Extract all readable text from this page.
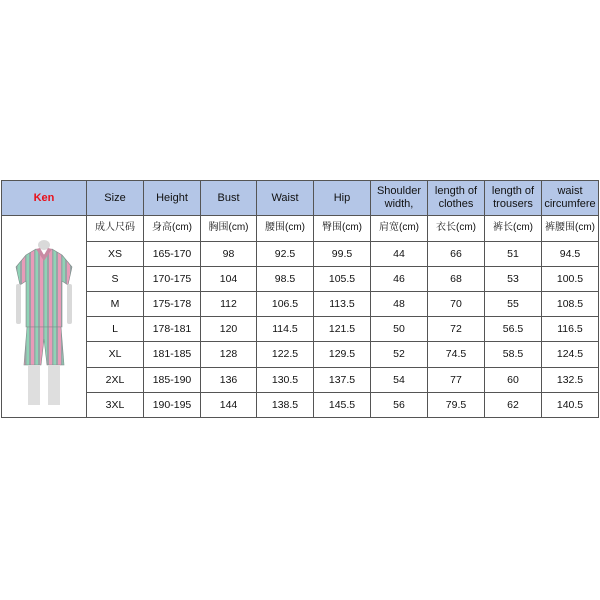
Ken	Size	Height	Bust	Waist	Hip	Shoulder width,	length of clothes	length of trousers	waist circumfere

	成人尺码	身高(cm)	胸围(cm)	腰围(cm)	臀围(cm)	肩宽(cm)	衣长(cm)	裤长(cm)	裤腰围(cm)
	XS	165-170	98	92.5	99.5	44	66	51	94.5
	S	170-175	104	98.5	105.5	46	68	53	100.5
	M	175-178	112	106.5	113.5	48	70	55	108.5
	L	178-181	120	114.5	121.5	50	72	56.5	116.5
	XL	181-185	128	122.5	129.5	52	74.5	58.5	124.5
	2XL	185-190	136	130.5	137.5	54	77	60	132.5
	3XL	190-195	144	138.5	145.5	56	79.5	62	140.5
